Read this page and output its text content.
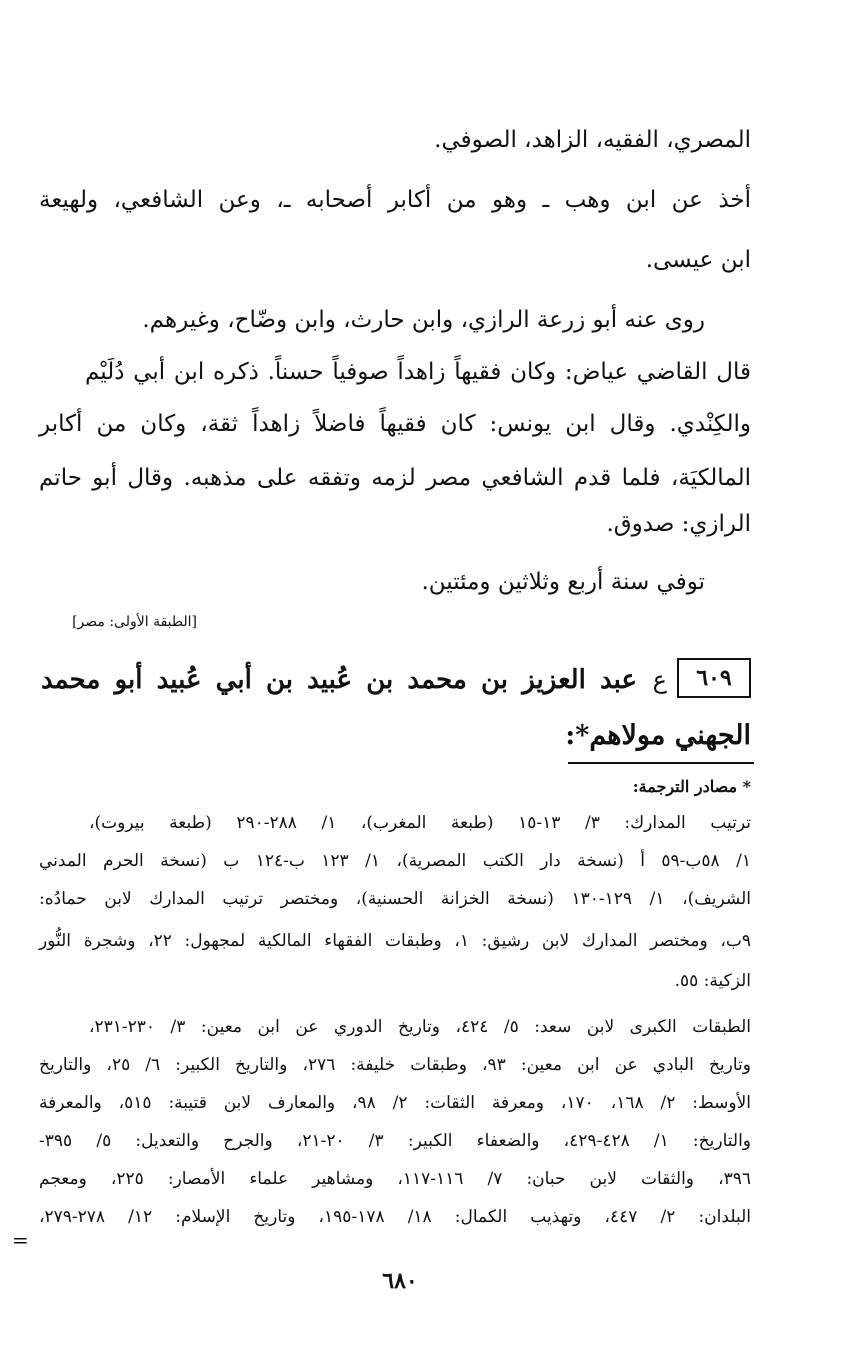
المصري، الفقيه، الزاهد، الصوفي.
أخذ عن ابن وهب ـ وهو من أكابر أصحابه ـ، وعن الشافعي، ولهيعة
ابن عيسى.
روى عنه أبو زرعة الرازي، وابن حارث، وابن وضّاح، وغيرهم.
قال القاضي عياض: وكان فقيهاً زاهداً صوفياً حسناً. ذكره ابن أبي دُلَيْم
والكِنْدي. وقال ابن يونس: كان فقيهاً فاضلاً زاهداً ثقة، وكان من أكابر
المالكيَة، فلما قدم الشافعي مصر لزمه وتفقه على مذهبه. وقال أبو حاتم
الرازي: صدوق.
توفي سنة أربع وثلاثين ومئتين.
[الطبقة الأولى: مصر]
٦٠٩
ع
عبد العزيز بن محمد بن عُبيد بن أبي عُبيد أبو محمد
الجهني مولاهم*:
* مصادر الترجمة:
ترتيب المدارك: ٣/ ١٣-١٥ (طبعة المغرب)، ١/ ٢٨٨-٢٩٠ (طبعة بيروت)،
١/ ٥٨ب-٥٩ أ (نسخة دار الكتب المصرية)، ١/ ١٢٣ ب-١٢٤ ب (نسخة الحرم المدني
الشريف)، ١/ ١٢٩-١٣٠ (نسخة الخزانة الحسنية)، ومختصر ترتيب المدارك لابن حمادُه:
٩ب، ومختصر المدارك لابن رشيق: ١، وطبقات الفقهاء المالكية لمجهول: ٢٢، وشجرة النُّور
الزكية: ٥٥.
الطبقات الكبرى لابن سعد: ٥/ ٤٢٤، وتاريخ الدوري عن ابن معين: ٣/ ٢٣٠-٢٣١،
وتاريخ البادي عن ابن معين: ٩٣، وطبقات خليفة: ٢٧٦، والتاريخ الكبير: ٦/ ٢٥، والتاريخ
الأوسط: ٢/ ١٦٨، ١٧٠، ومعرفة الثقات: ٢/ ٩٨، والمعارف لابن قتيبة: ٥١٥، والمعرفة
والتاريخ: ١/ ٤٢٨-٤٢٩، والضعفاء الكبير: ٣/ ٢٠-٢١، والجرح والتعديل: ٥/ ٣٩٥-
٣٩٦، والثقات لابن حبان: ٧/ ١١٦-١١٧، ومشاهير علماء الأمصار: ٢٢٥، ومعجم
البلدان: ٢/ ٤٤٧، وتهذيب الكمال: ١٨/ ١٧٨-١٩٥، وتاريخ الإسلام: ١٢/ ٢٧٨-٢٧٩،
=
٦٨٠
